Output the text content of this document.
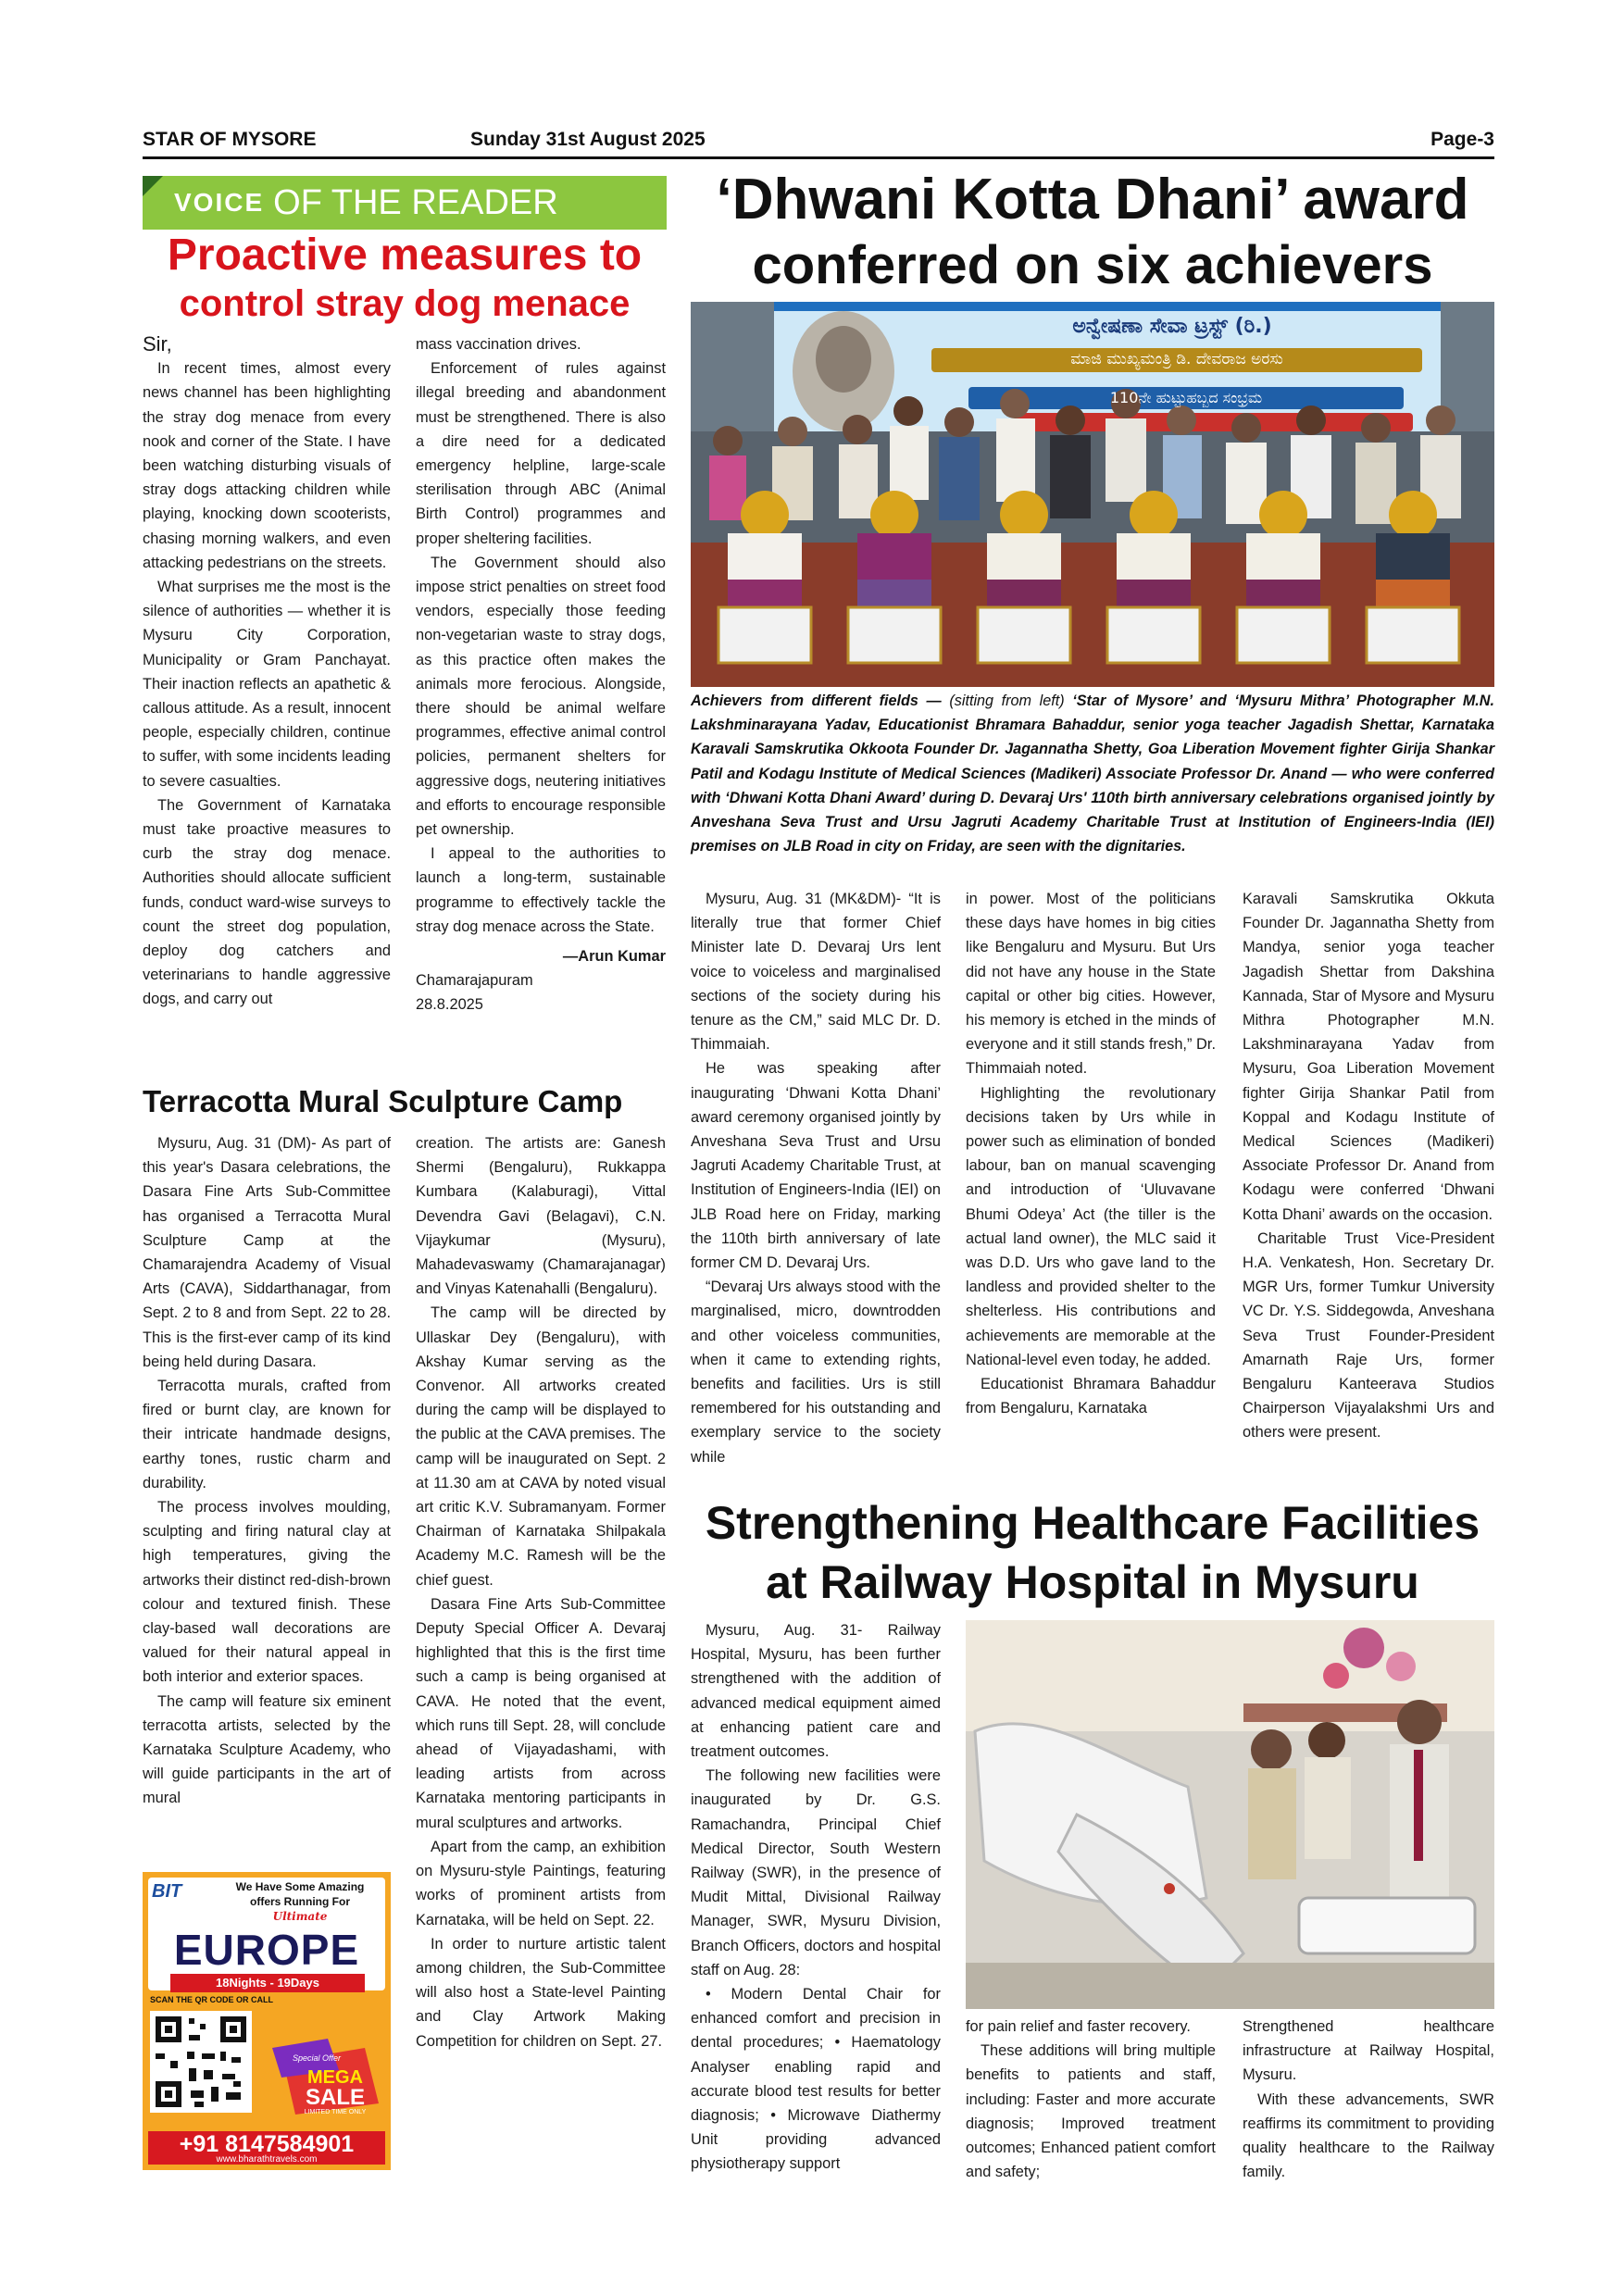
STAR OF MYSORE	Sunday 31st August 2025	Page-3
VOICE OF THE READER
Proactive measures to
control stray dog menace

Sir,

In recent times, almost every news channel has been highlighting the stray dog menace from every nook and corner of the State. I have been watching disturbing visuals of stray dogs attacking children while playing, knocking down scooterists, chasing morning walkers, and even attacking pedestrians on the streets.

What surprises me the most is the silence of authorities — whether it is Mysuru City Corporation, Municipality or Gram Panchayat. Their inaction reflects an apathetic & callous attitude. As a result, innocent people, especially children, continue to suffer, with some incidents leading to severe casualties.

The Government of Karnataka must take proactive measures to curb the stray dog menace. Authorities should allocate sufficient funds, conduct ward-wise surveys to count the street dog population, deploy dog catchers and veterinarians to handle aggressive dogs, and carry out

mass vaccination drives.

Enforcement of rules against illegal breeding and abandonment must be strengthened. There is also a dire need for a dedicated emergency helpline, large-scale sterilisation through ABC (Animal Birth Control) programmes and proper sheltering facilities.

The Government should also impose strict penalties on street food vendors, especially those feeding non-vegetarian waste to stray dogs, as this practice often makes the animals more ferocious. Alongside, there should be animal welfare programmes, effective animal control policies, permanent shelters for aggressive dogs, neutering initiatives and efforts to encourage responsible pet ownership.

I appeal to the authorities to launch a long-term, sustainable programme to effectively tackle the stray dog menace across the State.

—Arun Kumar

Chamarajapuram

28.8.2025

Terracotta Mural Sculpture Camp

Mysuru, Aug. 31 (DM)- As part of this year's Dasara celebrations, the Dasara Fine Arts Sub-Committee has organised a Terracotta Mural Sculpture Camp at the Chamarajendra Academy of Visual Arts (CAVA), Siddarthanagar, from Sept. 2 to 8 and from Sept. 22 to 28. This is the first-ever camp of its kind being held during Dasara.

Terracotta murals, crafted from fired or burnt clay, are known for their intricate handmade designs, earthy tones, rustic charm and durability.

The process involves moulding, sculpting and firing natural clay at high temperatures, giving the artworks their distinct red-dish-brown colour and textured finish. These clay-based wall decorations are valued for their natural appeal in both interior and exterior spaces.

The camp will feature six eminent terracotta artists, selected by the Karnataka Sculpture Academy, who will guide participants in the art of mural

creation. The artists are: Ganesh Shermi (Bengaluru), Rukkappa Kumbara (Kalaburagi), Vittal Devendra Gavi (Belagavi), C.N. Vijaykumar (Mysuru), Mahadevaswamy (Chamarajanagar) and Vinyas Katenahalli (Bengaluru).

The camp will be directed by Ullaskar Dey (Bengaluru), with Akshay Kumar serving as the Convenor. All artworks created during the camp will be displayed to the public at the CAVA premises. The camp will be inaugurated on Sept. 2 at 11.30 am at CAVA by noted visual art critic K.V. Subramanyam. Former Chairman of Karnataka Shilpakala Academy M.C. Ramesh will be the chief guest.

Dasara Fine Arts Sub-Committee Deputy Special Officer A. Devaraj highlighted that this is the first time such a camp is being organised at CAVA. He noted that the event, which runs till Sept. 28, will conclude ahead of Vijayadashami, with leading artists from across Karnataka mentoring participants in mural sculptures and artworks.

Apart from the camp, an exhibition on Mysuru-style Paintings, featuring works of prominent artists from Karnataka, will be held on Sept. 22.

In order to nurture artistic talent among children, the Sub-Committee will also host a State-level Painting and Clay Artwork Making Competition for children on Sept. 27.

BIT	We Have Some Amazing
offers Running For
Ultimate
EUROPE
18Nights - 19Days
SCAN THE QR CODE OR CALL
Special Offer
MEGA
SALE
LIMITED TIME ONLY
+91 8147584901
www.bharathtravels.com
‘Dhwani Kotta Dhani’ award
conferred on six achievers
ಅನ್ವೇಷಣಾ ಸೇವಾ ಟ್ರಸ್ಟ್ (ರಿ.)
ಮಾಜಿ ಮುಖ್ಯಮಂತ್ರಿ ಡಿ. ದೇವರಾಜ ಅರಸು
110ನೇ ಹುಟ್ಟುಹಬ್ಬದ ಸಂಭ್ರಮ
Achievers from different fields — (sitting from left) ‘Star of Mysore’ and ‘Mysuru Mithra’ Photographer M.N. Lakshminarayana Yadav, Educationist Bhramara Bahaddur, senior yoga teacher Jagadish Shettar, Karnataka Karavali Samskrutika Okkoota Founder Dr. Jagannatha Shetty, Goa Liberation Movement fighter Girija Shankar Patil and Kodagu Institute of Medical Sciences (Madikeri) Associate Professor Dr. Anand — who were conferred with ‘Dhwani Kotta Dhani Award’ during D. Devaraj Urs' 110th birth anniversary celebrations organised jointly by Anveshana Seva Trust and Ursu Jagruti Academy Charitable Trust at Institution of Engineers-India (IEI) premises on JLB Road in city on Friday, are seen with the dignitaries.

Mysuru, Aug. 31 (MK&DM)- “It is literally true that former Chief Minister late D. Devaraj Urs lent voice to voiceless and marginalised sections of the society during his tenure as the CM,” said MLC Dr. D. Thimmaiah.

He was speaking after inaugurating ‘Dhwani Kotta Dhani’ award ceremony organised jointly by Anveshana Seva Trust and Ursu Jagruti Academy Charitable Trust, at Institution of Engineers-India (IEI) on JLB Road here on Friday, marking the 110th birth anniversary of late former CM D. Devaraj Urs.

“Devaraj Urs always stood with the marginalised, micro, downtrodden and other voiceless communities, when it came to extending rights, benefits and facilities. Urs is still remembered for his outstanding and exemplary service to the society while

in power. Most of the politicians these days have homes in big cities like Bengaluru and Mysuru. But Urs did not have any house in the State capital or other big cities. However, his memory is etched in the minds of everyone and it still stands fresh,” Dr. Thimmaiah noted.

Highlighting the revolutionary decisions taken by Urs while in power such as elimination of bonded labour, ban on manual scavenging and introduction of ‘Uluvavane Bhumi Odeya’ Act (the tiller is the actual land owner), the MLC said it was D.D. Urs who gave land to the landless and provided shelter to the shelterless. His contributions and achievements are memorable at the National-level even today, he added.

Educationist Bhramara Bahaddur from Bengaluru, Karnataka

Karavali Samskrutika Okkuta Founder Dr. Jagannatha Shetty from Mandya, senior yoga teacher Jagadish Shettar from Dakshina Kannada, Star of Mysore and Mysuru Mithra Photographer M.N. Lakshminarayana Yadav from Mysuru, Goa Liberation Movement fighter Girija Shankar Patil from Koppal and Kodagu Institute of Medical Sciences (Madikeri) Associate Professor Dr. Anand from Kodagu were conferred ‘Dhwani Kotta Dhani’ awards on the occasion.

Charitable Trust Vice-President H.A. Venkatesh, Hon. Secretary Dr. MGR Urs, former Tumkur University VC Dr. Y.S. Siddegowda, Anveshana Seva Trust Founder-President Amarnath Raje Urs, former Bengaluru Kanteerava Studios Chairperson Vijayalakshmi Urs and others were present.

Strengthening Healthcare Facilities
at Railway Hospital in Mysuru

Mysuru, Aug. 31- Railway Hospital, Mysuru, has been further strengthened with the addition of advanced medical equipment aimed at enhancing patient care and treatment outcomes.

The following new facilities were inaugurated by Dr. G.S. Ramachandra, Principal Chief Medical Director, South Western Railway (SWR), in the presence of Mudit Mittal, Divisional Railway Manager, SWR, Mysuru Division, Branch Officers, doctors and hospital staff on Aug. 28:

• Modern Dental Chair for enhanced comfort and precision in dental procedures; • Haematology Analyser enabling rapid and accurate blood test results for better diagnosis; • Microwave Diathermy Unit providing advanced physiotherapy support

for pain relief and faster recovery.

These additions will bring multiple benefits to patients and staff, including: Faster and more accurate diagnosis; Improved treatment outcomes; Enhanced patient comfort and safety;

Strengthened healthcare infrastructure at Railway Hospital, Mysuru.

With these advancements, SWR reaffirms its commitment to providing quality healthcare to the Railway family.
